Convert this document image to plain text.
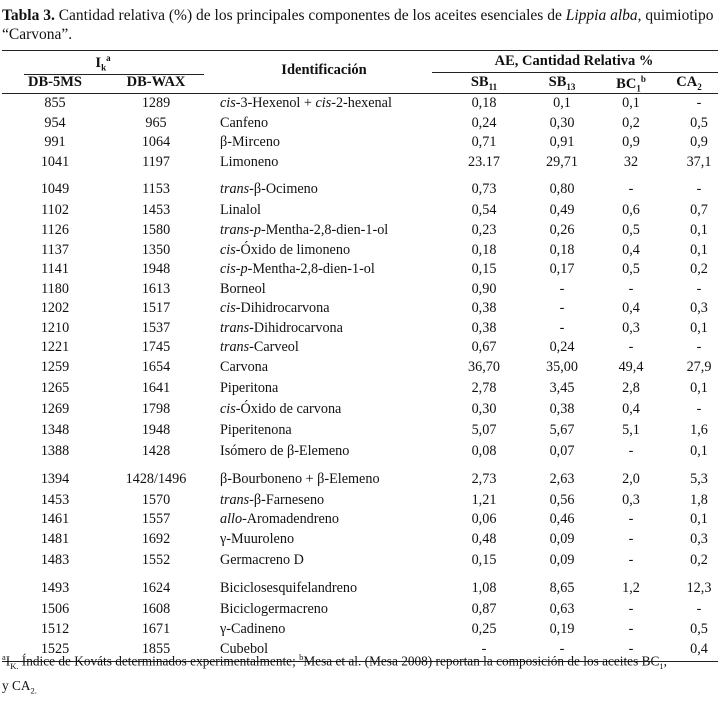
Tabla 3. Cantidad relativa (%) de los principales componentes de los aceites esenciales de Lippia alba, quimiotipo “Carvona”.
$I_k^a$
Identificación
AE, Cantidad Relativa %
DB-5MS	DB-WAX	$SB_{11}$	$SB_{13}$	$BC_1^b$	$CA_2$
855	1289	cis-3-Hexenol + cis-2-hexenal	0,18	0,1	0,1	-
954	965	Canfeno	0,24	0,30	0,2	0,5
991	1064	β-Mirceno	0,71	0,91	0,9	0,9
1041	1197	Limoneno	23.17	29,71	32	37,1
1049	1153	trans-β-Ocimeno	0,73	0,80	-	-
1102	1453	Linalol	0,54	0,49	0,6	0,7
1126	1580	trans-p-Mentha-2,8-dien-1-ol	0,23	0,26	0,5	0,1
1137	1350	cis-Óxido de limoneno	0,18	0,18	0,4	0,1
1141	1948	cis-p-Mentha-2,8-dien-1-ol	0,15	0,17	0,5	0,2
1180	1613	Borneol	0,90	-	-	-
1202	1517	cis-Dihidrocarvona	0,38	-	0,4	0,3
1210	1537	trans-Dihidrocarvona	0,38	-	0,3	0,1
1221	1745	trans-Carveol	0,67	0,24	-	-
1259	1654	Carvona	36,70	35,00	49,4	27,9
1265	1641	Piperitona	2,78	3,45	2,8	0,1
1269	1798	cis-Óxido de carvona	0,30	0,38	0,4	-
1348	1948	Piperitenona	5,07	5,67	5,1	1,6
1388	1428	Isómero de β-Elemeno	0,08	0,07	-	0,1
1394	1428/1496	β-Bourboneno + β-Elemeno	2,73	2,63	2,0	5,3
1453	1570	trans-β-Farneseno	1,21	0,56	0,3	1,8
1461	1557	allo-Aromadendreno	0,06	0,46	-	0,1
1481	1692	γ-Muuroleno	0,48	0,09	-	0,3
1483	1552	Germacreno D	0,15	0,09	-	0,2
1493	1624	Biciclosesquifelandreno	1,08	8,65	1,2	12,3
1506	1608	Biciclogermacreno	0,87	0,63	-	-
1512	1671	γ-Cadineno	0,25	0,19	-	0,5
1525	1855	Cubebol	-	-	-	0,4
$^aI_{K.}$ Índice de Kováts determinados experimentalmente; $^b$Mesa et al. (Mesa 2008) reportan la composición de los aceites $BC_1$,
y $CA_{2.}$
